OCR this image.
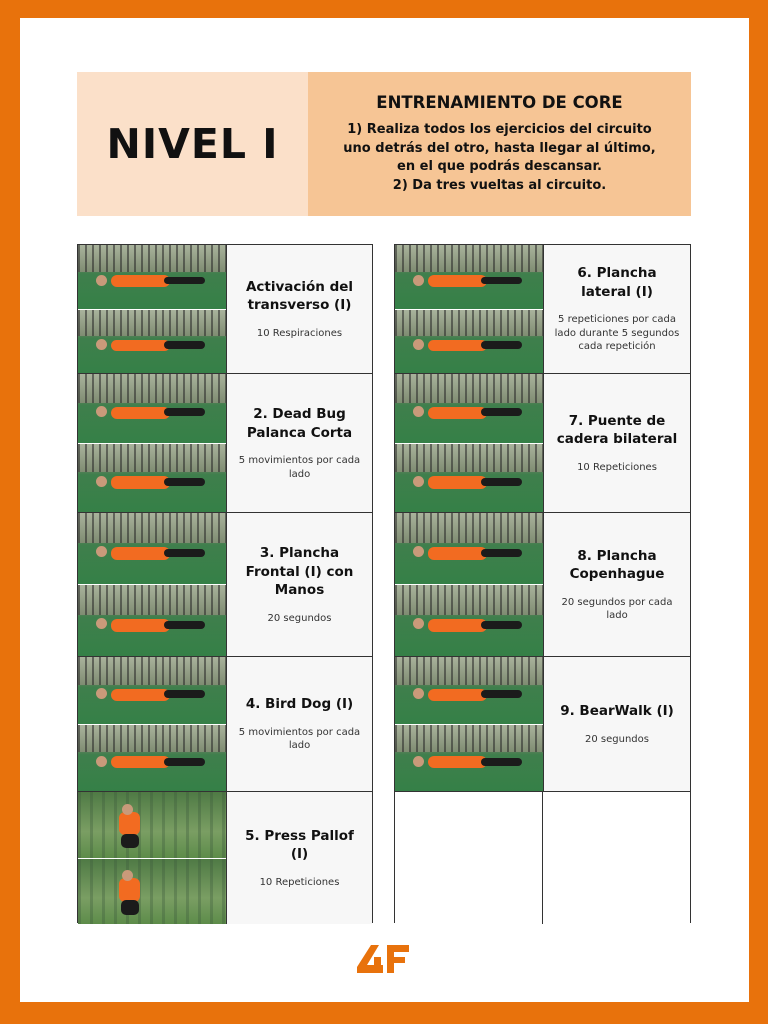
NIVEL I
ENTRENAMIENTO DE CORE

1) Realiza todos los ejercicios del circuito
uno detrás del otro, hasta llegar al último,
en el que podrás descansar.
2) Da tres vueltas al circuito.

Activación del transverso (I)
10 Respiraciones
2. Dead Bug Palanca Corta
5 movimientos por cada lado
3. Plancha Frontal (I) con Manos
20 segundos
4. Bird Dog (I)
5 movimientos por cada lado
5. Press Pallof (I)
10 Repeticiones
6. Plancha lateral (I)
5 repeticiones por cada lado durante 5 segundos cada repetición
7. Puente de cadera bilateral
10 Repeticiones
8. Plancha Copenhague
20 segundos por cada lado
9. BearWalk (I)
20 segundos
